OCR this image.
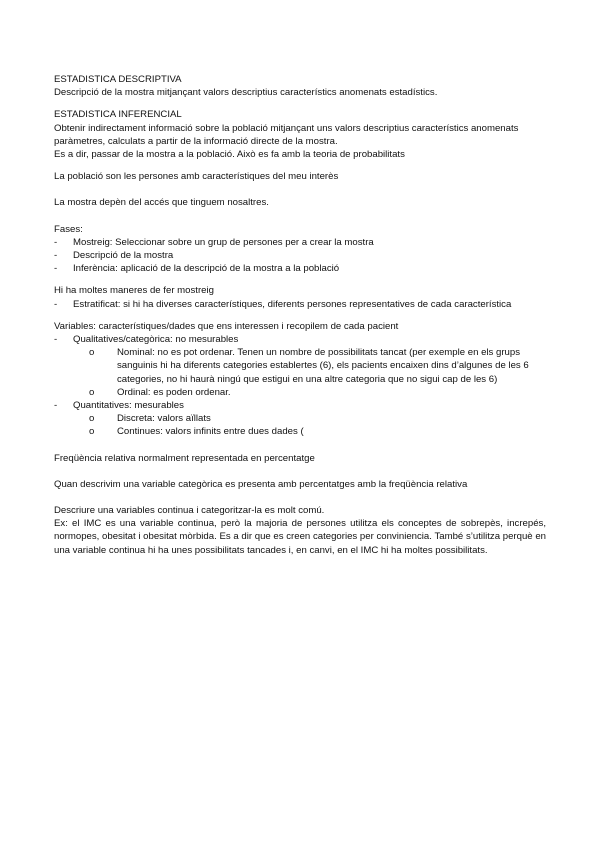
ESTADISTICA DESCRIPTIVA
Descripció de la mostra mitjançant valors descriptius característics anomenats estadístics.
ESTADISTICA INFERENCIAL
Obtenir indirectament informació sobre la població mitjançant uns valors descriptius característics anomenats
paràmetres, calculats a partir de la informació directe de la mostra.
Es a dir, passar de la mostra a la població. Això es fa amb la teoria de probabilitats
La població son les persones amb característiques del meu interès
La mostra depèn del accés que tinguem nosaltres.
Fases:
- Mostreig: Seleccionar sobre un grup de persones per a crear la mostra
- Descripció de la mostra
- Inferència: aplicació de la descripció de la mostra a la població
Hi ha moltes maneres de fer mostreig
- Estratificat: si hi ha diverses característiques, diferents persones representatives de cada característica
Variables: característiques/dades que ens interessen i recopilem de cada pacient
- Qualitatives/categòrica: no mesurables
o Nominal: no es pot ordenar. Tenen un nombre de possibilitats tancat (per exemple en els grups
sanguinis hi ha diferents categories establertes (6), els pacients encaixen dins d’algunes de les 6
categories, no hi haurà ningú que estigui en una altre categoria que no sigui cap de les 6)
o Ordinal: es poden ordenar.
- Quantitatives: mesurables
o Discreta: valors aïllats
o Continues: valors infinits entre dues dades (
Freqüència relativa normalment representada en percentatge
Quan descrivim una variable categòrica es presenta amb percentatges amb la freqüència relativa
Descriure una variables continua i categoritzar-la es molt comú.
Ex: el IMC es una variable continua, però la majoria de persones utilitza els conceptes de sobrepès, increpés, normopes, obesitat i obesitat mòrbida. Es a dir que es creen categories per conviniencia. També s’utilitza perquè en una variable continua hi ha unes possibilitats tancades i, en canvi, en el IMC hi ha moltes possibilitats.
